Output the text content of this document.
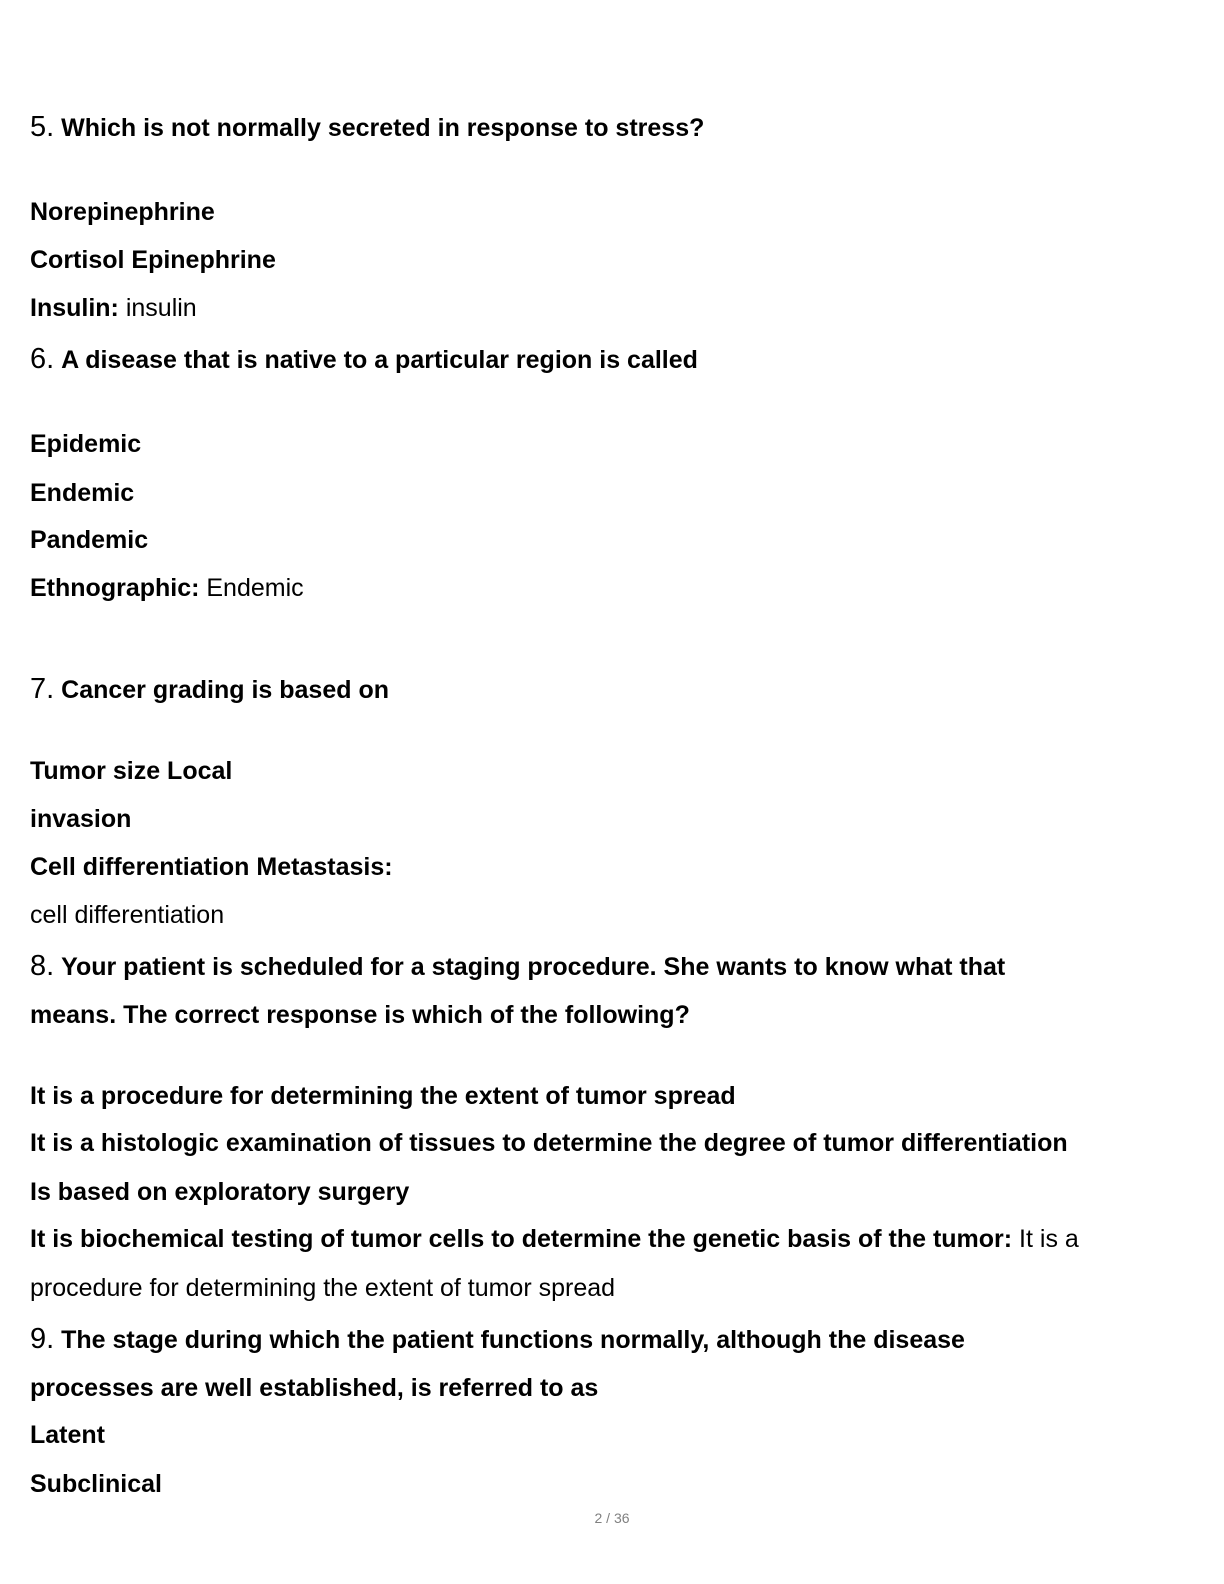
5. Which is not normally secreted in response to stress?
Norepinephrine
Cortisol Epinephrine
Insulin: insulin
6. A disease that is native to a particular region is called
Epidemic
Endemic
Pandemic
Ethnographic: Endemic
7. Cancer grading is based on
Tumor size Local
invasion
Cell differentiation Metastasis:
cell differentiation
8. Your patient is scheduled for a staging procedure. She wants to know what that
means. The correct response is which of the following?
It is a procedure for determining the extent of tumor spread
It is a histologic examination of tissues to determine the degree of tumor differentiation
Is based on exploratory surgery
It is biochemical testing of tumor cells to determine the genetic basis of the tumor: It is a
procedure for determining the extent of tumor spread
9. The stage during which the patient functions normally, although the disease
processes are well established, is referred to as
Latent
Subclinical
2 / 36
